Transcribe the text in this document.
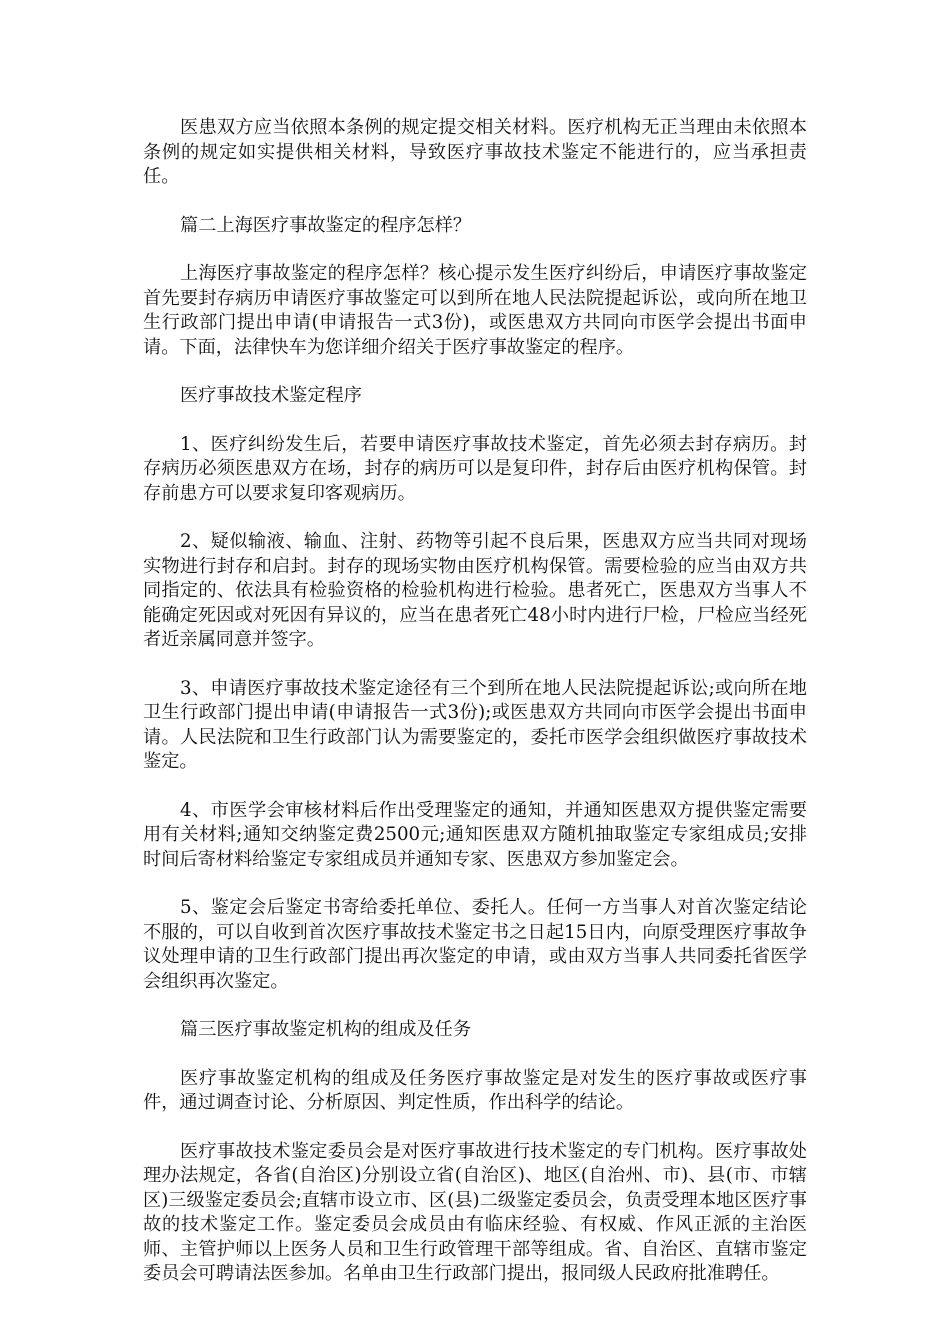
医患双方应当依照本条例的规定提交相关材料。医疗机构无正当理由未依照本条例的规定如实提供相关材料，导致医疗事故技术鉴定不能进行的，应当承担责任。

篇二上海医疗事故鉴定的程序怎样？

上海医疗事故鉴定的程序怎样？核心提示发生医疗纠纷后，申请医疗事故鉴定首先要封存病历申请医疗事故鉴定可以到所在地人民法院提起诉讼，或向所在地卫生行政部门提出申请(申请报告一式3份)，或医患双方共同向市医学会提出书面申请。下面，法律快车为您详细介绍关于医疗事故鉴定的程序。

医疗事故技术鉴定程序

1、医疗纠纷发生后，若要申请医疗事故技术鉴定，首先必须去封存病历。封存病历必须医患双方在场，封存的病历可以是复印件，封存后由医疗机构保管。封存前患方可以要求复印客观病历。

2、疑似输液、输血、注射、药物等引起不良后果，医患双方应当共同对现场实物进行封存和启封。封存的现场实物由医疗机构保管。需要检验的应当由双方共同指定的、依法具有检验资格的检验机构进行检验。患者死亡，医患双方当事人不能确定死因或对死因有异议的，应当在患者死亡48小时内进行尸检，尸检应当经死者近亲属同意并签字。

3、申请医疗事故技术鉴定途径有三个到所在地人民法院提起诉讼;或向所在地卫生行政部门提出申请(申请报告一式3份);或医患双方共同向市医学会提出书面申请。人民法院和卫生行政部门认为需要鉴定的，委托市医学会组织做医疗事故技术鉴定。

4、市医学会审核材料后作出受理鉴定的通知，并通知医患双方提供鉴定需要用有关材料;通知交纳鉴定费2500元;通知医患双方随机抽取鉴定专家组成员;安排时间后寄材料给鉴定专家组成员并通知专家、医患双方参加鉴定会。

5、鉴定会后鉴定书寄给委托单位、委托人。任何一方当事人对首次鉴定结论不服的，可以自收到首次医疗事故技术鉴定书之日起15日内，向原受理医疗事故争议处理申请的卫生行政部门提出再次鉴定的申请，或由双方当事人共同委托省医学会组织再次鉴定。

篇三医疗事故鉴定机构的组成及任务

医疗事故鉴定机构的组成及任务医疗事故鉴定是对发生的医疗事故或医疗事件，通过调查讨论、分析原因、判定性质，作出科学的结论。

医疗事故技术鉴定委员会是对医疗事故进行技术鉴定的专门机构。医疗事故处理办法规定，各省(自治区)分别设立省(自治区)、地区(自治州、市)、县(市、市辖区)三级鉴定委员会;直辖市设立市、区(县)二级鉴定委员会，负责受理本地区医疗事故的技术鉴定工作。鉴定委员会成员由有临床经验、有权威、作风正派的主治医师、主管护师以上医务人员和卫生行政管理干部等组成。省、自治区、直辖市鉴定委员会可聘请法医参加。名单由卫生行政部门提出，报同级人民政府批准聘任。
